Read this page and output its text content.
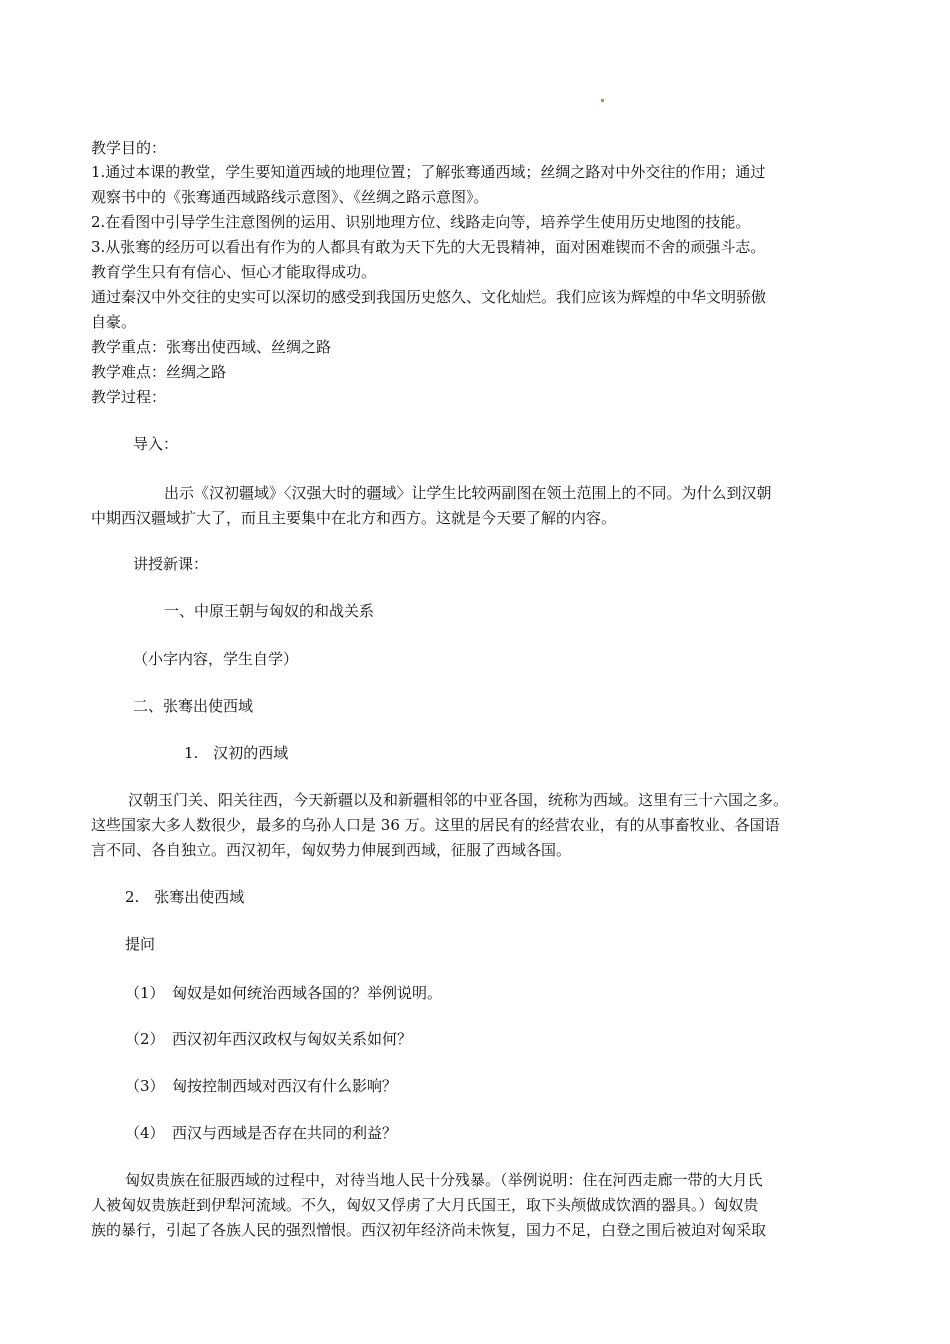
教学目的：
1.通过本课的教堂，学生要知道西域的地理位置；了解张骞通西域；丝绸之路对中外交往的作用；通过
观察书中的《张骞通西域路线示意图》、《丝绸之路示意图》。
2.在看图中引导学生注意图例的运用、识别地理方位、线路走向等，培养学生使用历史地图的技能。
3.从张骞的经历可以看出有作为的人都具有敢为天下先的大无畏精神，面对困难锲而不舍的顽强斗志。
教育学生只有有信心、恒心才能取得成功。
通过秦汉中外交往的史实可以深切的感受到我国历史悠久、文化灿烂。我们应该为辉煌的中华文明骄傲
自豪。
教学重点：张骞出使西域、丝绸之路
教学难点：丝绸之路
教学过程：
导入：
出示《汉初疆域》〈汉强大时的疆域〉让学生比较两副图在领土范围上的不同。为什么到汉朝
中期西汉疆域扩大了，而且主要集中在北方和西方。这就是今天要了解的内容。
讲授新课：
一、中原王朝与匈奴的和战关系
（小字内容，学生自学）
二、张骞出使西域
1.　汉初的西域
汉朝玉门关、阳关往西，今天新疆以及和新疆相邻的中亚各国，统称为西域。这里有三十六国之多。
这些国家大多人数很少，最多的乌孙人口是 36 万。这里的居民有的经营农业，有的从事畜牧业、各国语
言不同、各自独立。西汉初年，匈奴势力伸展到西域，征服了西域各国。
2.　张骞出使西域
提问
（1）　匈奴是如何统治西域各国的？举例说明。
（2）　西汉初年西汉政权与匈奴关系如何？
（3）　匈按控制西域对西汉有什么影响？
（4）　西汉与西域是否存在共同的利益？
匈奴贵族在征服西域的过程中，对待当地人民十分残暴。（举例说明：住在河西走廊一带的大月氏
人被匈奴贵族赶到伊犁河流域。不久，匈奴又俘虏了大月氏国王，取下头颅做成饮酒的器具。）匈奴贵
族的暴行，引起了各族人民的强烈憎恨。西汉初年经济尚未恢复，国力不足，白登之围后被迫对匈采取
